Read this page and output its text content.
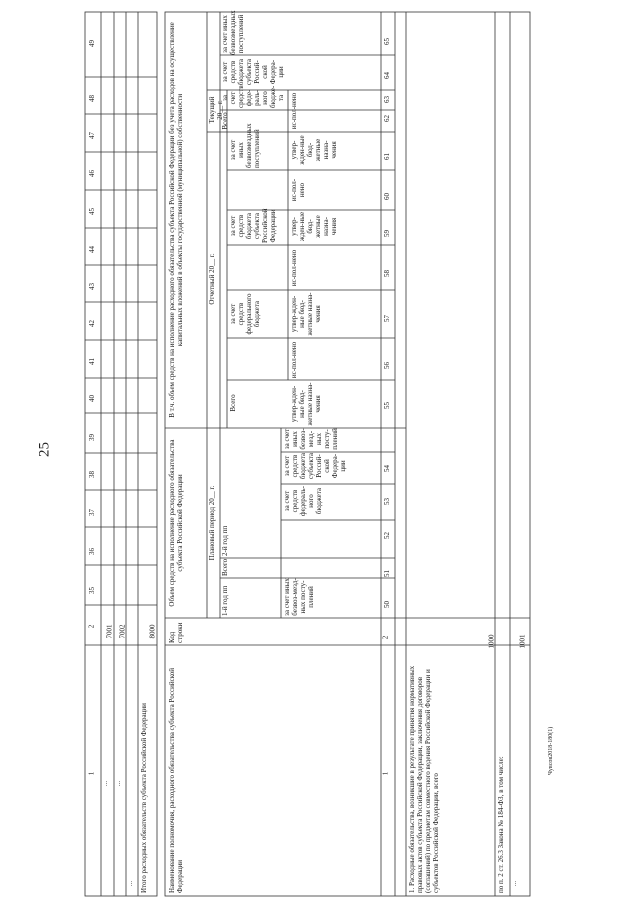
25
1
2
35
36
37
38
39
40
41
42
43
44
45
46
47
48
49
...
7001
...
7002
... Итого расходных обязательств субъекта Российской Федерации
8000
Наименование полномочия, расходного обязательства субъекта Российской Федерации
Код строки
Объем средств на исполнение расходного обязательства субъекта Российской Федерации	Плановый период 20__ г.
1-й год пп
Всего
2-й год пп
за счет иных безвоз-мезд-ных посту-плений
за счет средств федераль-ного бюджета
за счет средств бюджета субъекта Россий-ской Федера-ции
за счет иных безвоз-мезд-ных посту-плений
В т.ч. объем средств на исполнение расходного обязательства субъекта Российской Федерации без учета расходов на осуществление капитальных вложений в объекты государственной (муниципальной) собственности	Отчетный 20__ г.
Текущий 20__ г.
Всего
за счет средств федерального бюджета
за счет средств бюджета субъекта Российской Федерации
за счет иных безвозмездных поступлений
утвер-жден-ные бюд-жетные назна-чения
ис-пол-нено
утвер-жден-ные бюд-жетные назна-чения
ис-пол-нено
утвер-жден-ные бюд-жетные назна-чения
ис-пол-нено
утвер-жден-ные бюд-жетные назна-чения
ис-пол-нено
Всего
за счет средств феде-раль-ного бюдже-та
за счет средств бюджета субъекта Россий-ской Федера-ции
за счет иных безвозмездных поступлений
1
2
50
51
52
53
54
55
56
57
58
59
60
61
62
63
64
65
1. Расходные обязательства, возникшие в результате принятия нормативных правовых актов субъекта Российской Федерации, заключения договоров (соглашений) по предметам совместного ведения Российской Федерации и субъектов Российской Федерации, всего
1000
по п. 2 ст. 26.3 Закона № 184-ФЗ, в том числе: ...
1001
Чувсов2018-180(1)
